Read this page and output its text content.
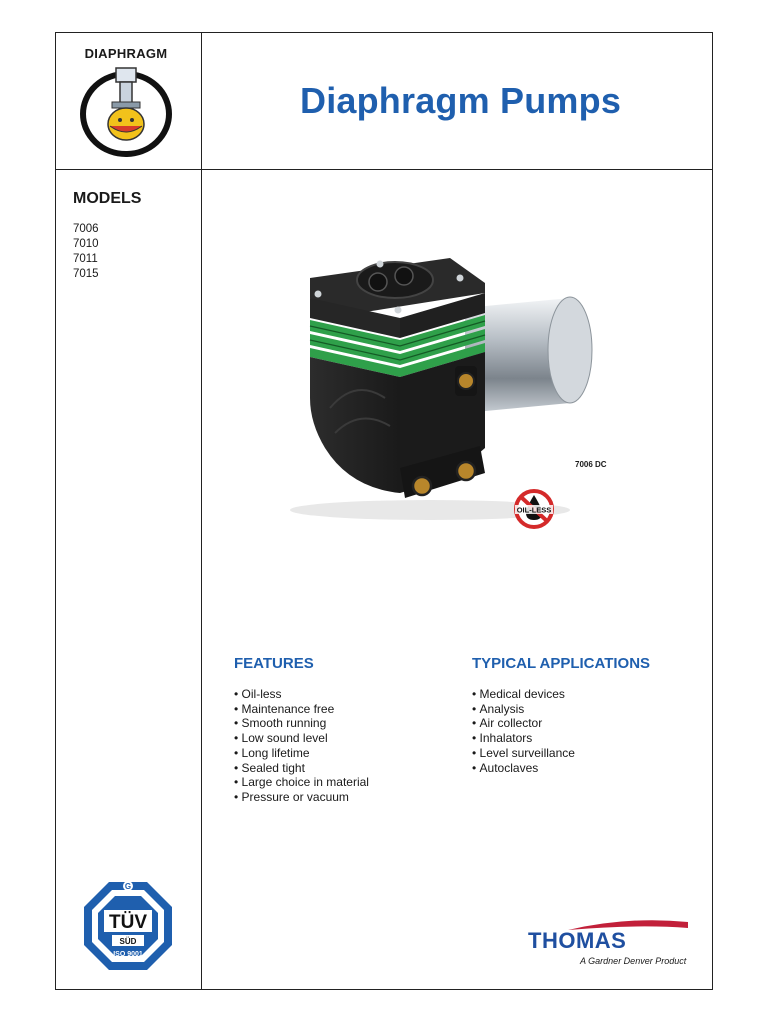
DIAPHRAGM
Diaphragm Pumps
MODELS
7006
7010
7011
7015
7006 DC
OIL-LESS
FEATURES
• Oil-less
• Maintenance free
• Smooth running
• Low sound level
• Long lifetime
• Sealed tight
• Large choice in material
• Pressure or vacuum
TYPICAL APPLICATIONS
• Medical devices
• Analysis
• Air collector
• Inhalators
• Level surveillance
• Autoclaves
G
TÜV
SÜD
ISO 9001
THOMAS
A Gardner Denver Product
